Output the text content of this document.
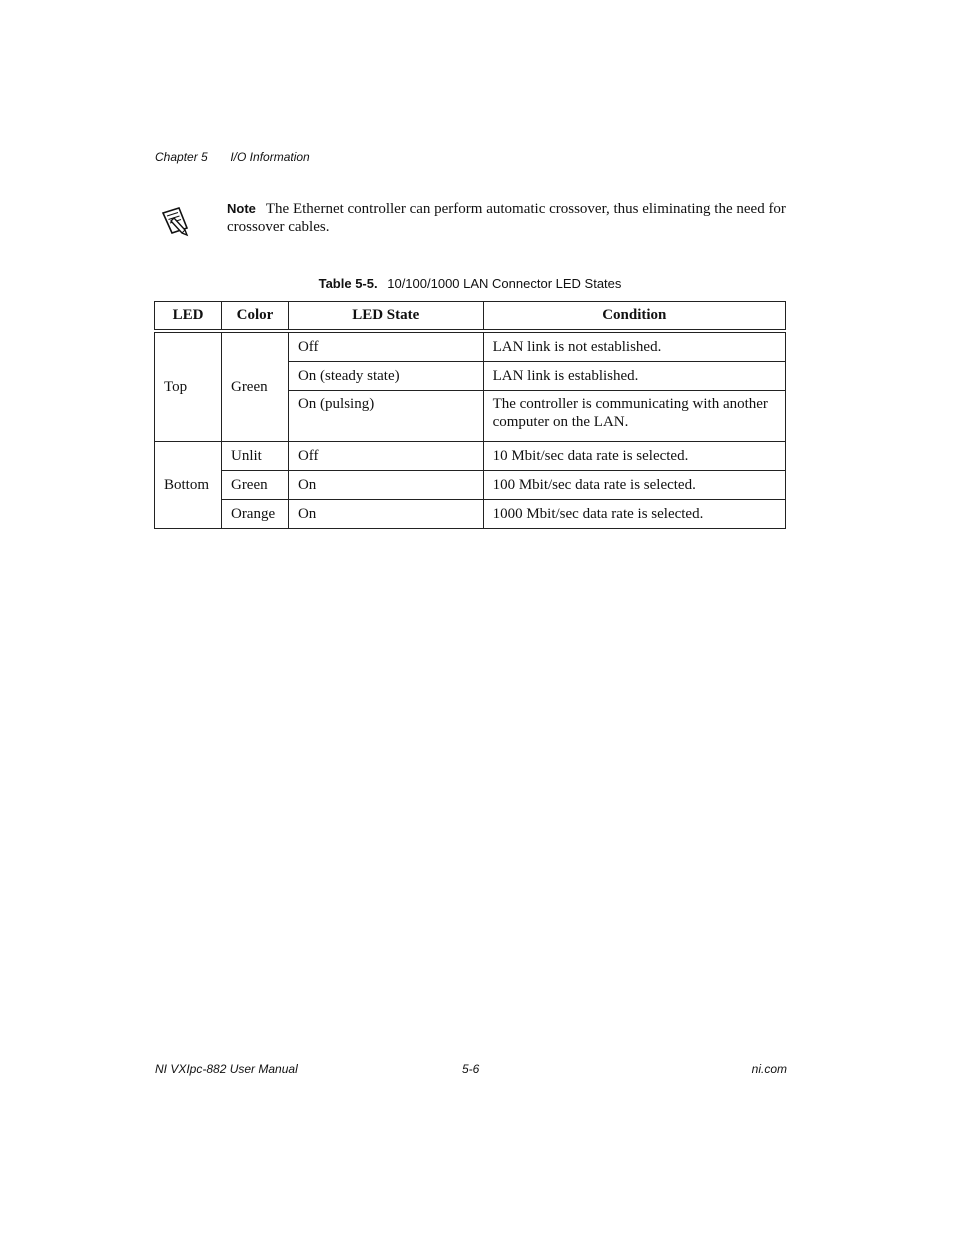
Chapter 5 I/O Information
Note The Ethernet controller can perform automatic crossover, thus eliminating the need for crossover cables.
Table 5-5. 10/100/1000 LAN Connector LED States
LED	Color	LED State	Condition
Top	Green	Off	LAN link is not established.
		On (steady state)	LAN link is established.
		On (pulsing)	The controller is communicating with another computer on the LAN.
Bottom	Unlit	Off	10 Mbit/sec data rate is selected.
	Green	On	100 Mbit/sec data rate is selected.
	Orange	On	1000 Mbit/sec data rate is selected.
NI VXIpc-882 User Manual	5-6	ni.com
